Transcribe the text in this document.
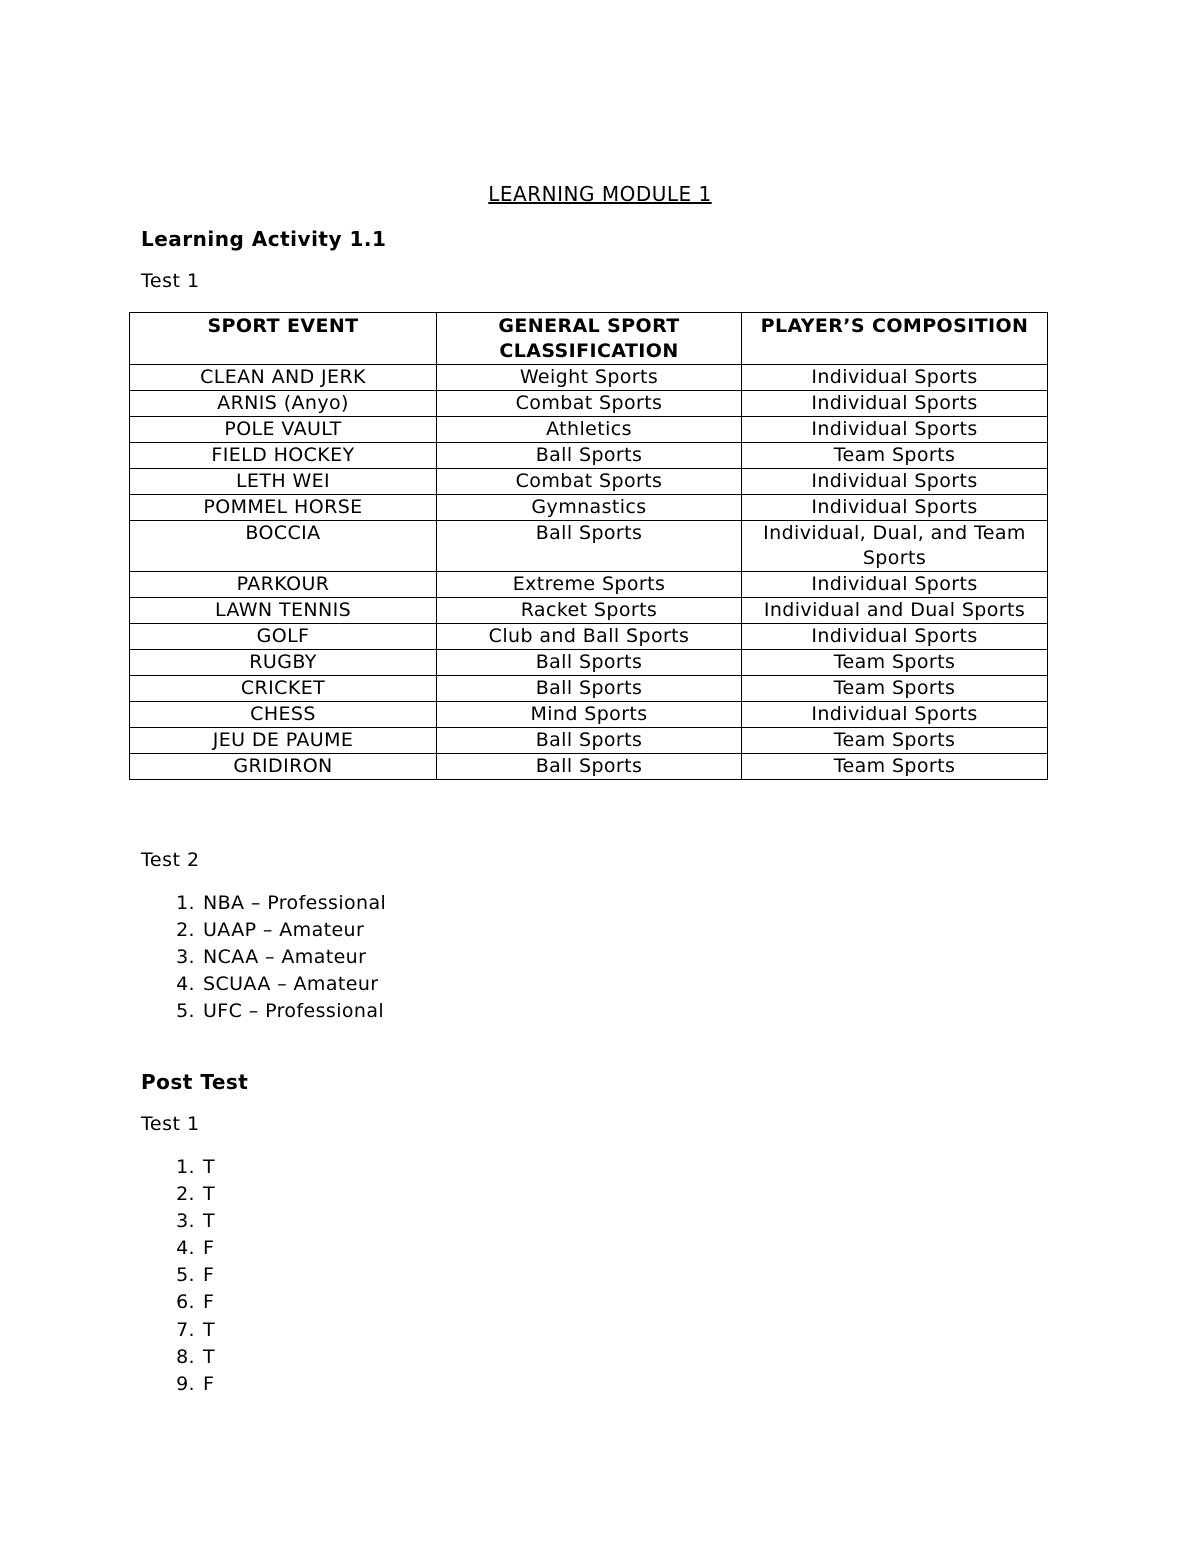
LEARNING MODULE 1
Learning Activity 1.1
Test 1
SPORT EVENT	GENERAL SPORT CLASSIFICATION	PLAYER’S COMPOSITION
CLEAN AND JERK	Weight Sports	Individual Sports
ARNIS (Anyo)	Combat Sports	Individual Sports
POLE VAULT	Athletics	Individual Sports
FIELD HOCKEY	Ball Sports	Team Sports
LETH WEI	Combat Sports	Individual Sports
POMMEL HORSE	Gymnastics	Individual Sports
BOCCIA	Ball Sports	Individual, Dual, and Team Sports
PARKOUR	Extreme Sports	Individual Sports
LAWN TENNIS	Racket Sports	Individual and Dual Sports
GOLF	Club and Ball Sports	Individual Sports
RUGBY	Ball Sports	Team Sports
CRICKET	Ball Sports	Team Sports
CHESS	Mind Sports	Individual Sports
JEU DE PAUME	Ball Sports	Team Sports
GRIDIRON	Ball Sports	Team Sports
Test 2
1. NBA – Professional
2. UAAP – Amateur
3. NCAA – Amateur
4. SCUAA – Amateur
5. UFC – Professional
Post Test
Test 1
1. T
2. T
3. T
4. F
5. F
6. F
7. T
8. T
9. F
